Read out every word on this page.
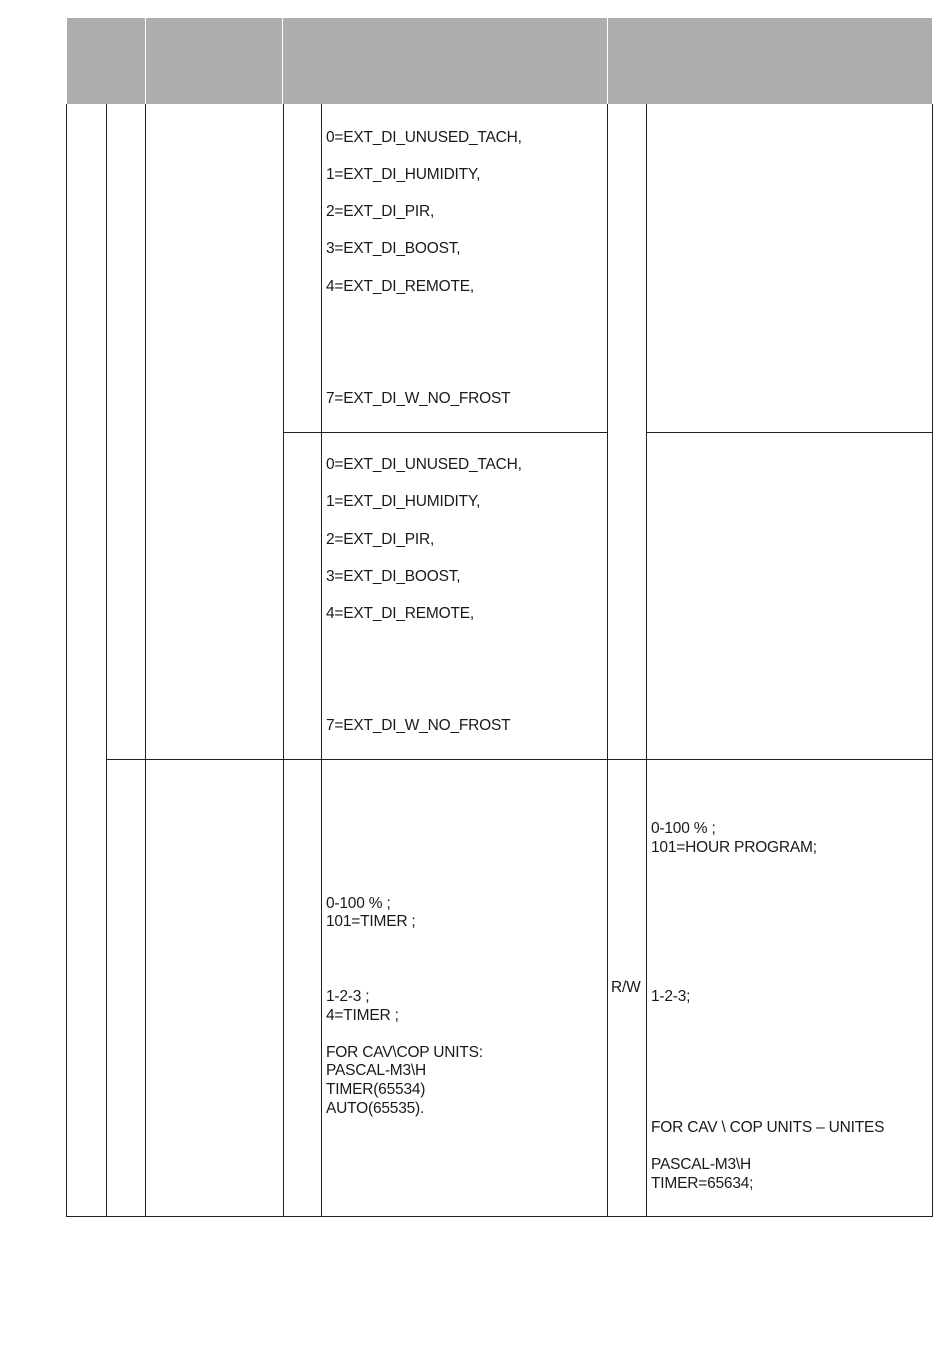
0=EXT_DI_UNUSED_TACH,
1=EXT_DI_HUMIDITY,
2=EXT_DI_PIR,
3=EXT_DI_BOOST,
4=EXT_DI_REMOTE,
7=EXT_DI_W_NO_FROST
0=EXT_DI_UNUSED_TACH,
1=EXT_DI_HUMIDITY,
2=EXT_DI_PIR,
3=EXT_DI_BOOST,
4=EXT_DI_REMOTE,
7=EXT_DI_W_NO_FROST
0-100 % ;
101=TIMER ;
1-2-3 ;
4=TIMER ;
FOR CAV\COP UNITS:
PASCAL-M3\H
TIMER(65534)
AUTO(65535).
R/W
0-100 % ;
101=HOUR PROGRAM;
1-2-3;
FOR CAV \ COP UNITS – UNITES
PASCAL-M3\H
TIMER=65634;
